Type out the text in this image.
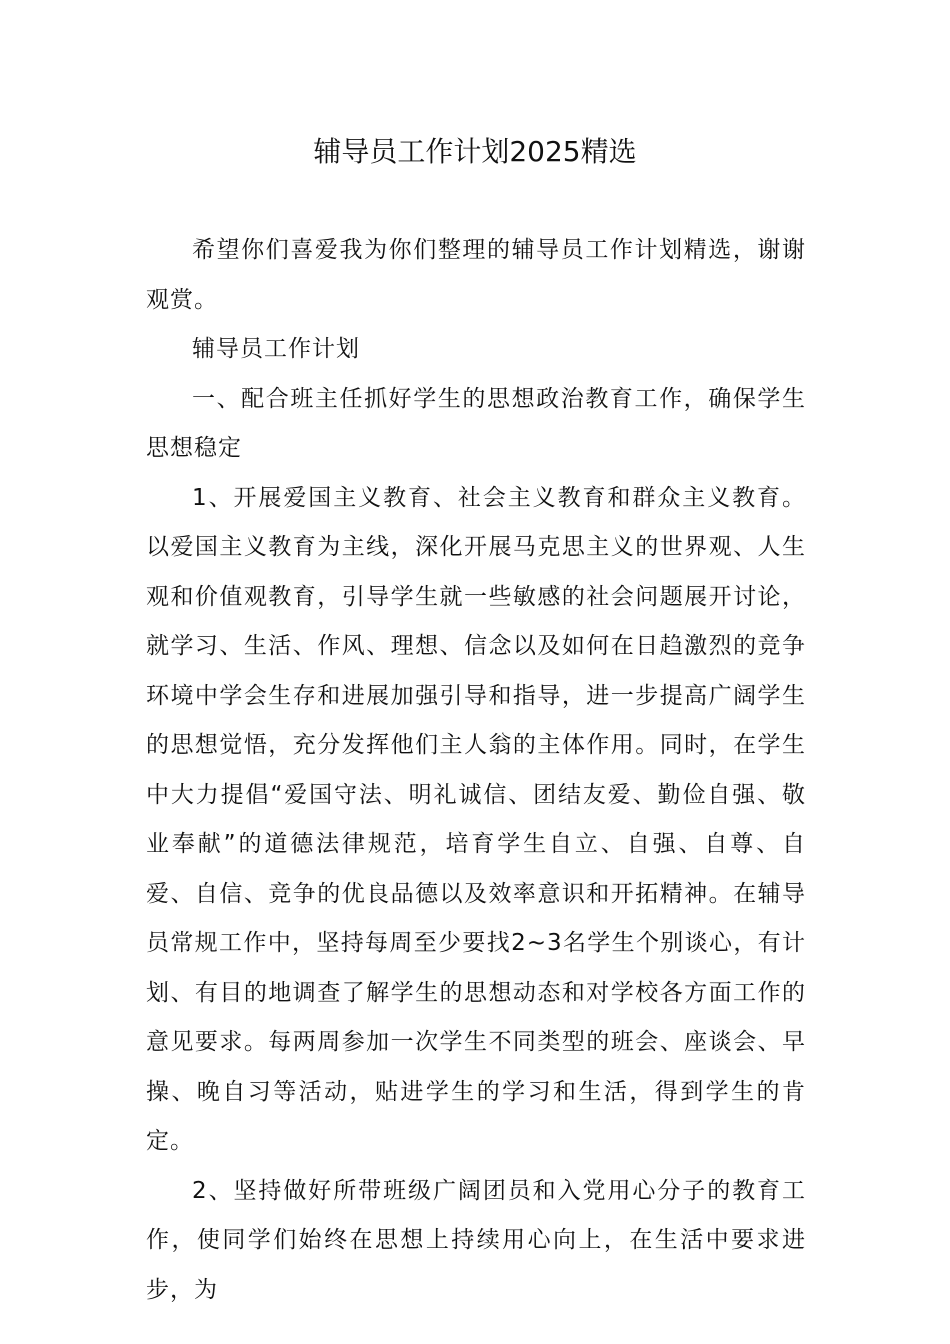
辅导员工作计划2025精选

希望你们喜爱我为你们整理的辅导员工作计划精选，谢谢观赏。

辅导员工作计划

一、配合班主任抓好学生的思想政治教育工作，确保学生思想稳定

1、开展爱国主义教育、社会主义教育和群众主义教育。以爱国主义教育为主线，深化开展马克思主义的世界观、人生观和价值观教育，引导学生就一些敏感的社会问题展开讨论，就学习、生活、作风、理想、信念以及如何在日趋激烈的竞争环境中学会生存和进展加强引导和指导，进一步提高广阔学生的思想觉悟，充分发挥他们主人翁的主体作用。同时，在学生中大力提倡“爱国守法、明礼诚信、团结友爱、勤俭自强、敬业奉献”的道德法律规范，培育学生自立、自强、自尊、自爱、自信、竞争的优良品德以及效率意识和开拓精神。在辅导员常规工作中，坚持每周至少要找2~3名学生个别谈心，有计划、有目的地调查了解学生的思想动态和对学校各方面工作的意见要求。每两周参加一次学生不同类型的班会、座谈会、早操、晚自习等活动，贴进学生的学习和生活，得到学生的肯定。

2、坚持做好所带班级广阔团员和入党用心分子的教育工作，使同学们始终在思想上持续用心向上，在生活中要求进步，为
